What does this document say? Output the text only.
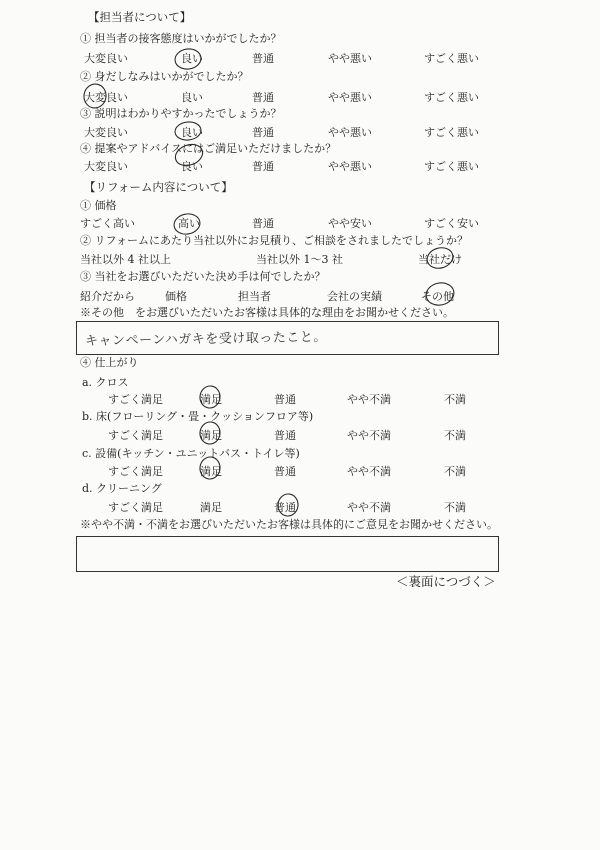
【担当者について】
① 担当者の接客態度はいかがでしたか？
大変良い	良い	普通	やや悪い	すごく悪い
② 身だしなみはいかがでしたか？
大変良い	良い	普通	やや悪い	すごく悪い
③ 説明はわかりやすかったでしょうか？
大変良い	良い	普通	やや悪い	すごく悪い
④ 提案やアドバイスにはご満足いただけましたか？
大変良い	良い	普通	やや悪い	すごく悪い
【リフォーム内容について】
① 価格
すごく高い	高い	普通	やや安い	すごく安い
② リフォームにあたり当社以外にお見積り、ご相談をされましたでしょうか？
当社以外 4 社以上	当社以外 1～3 社	当社だけ
③ 当社をお選びいただいた決め手は何でしたか？
紹介だから	価格	担当者	会社の実績	その他
※その他　をお選びいただいたお客様は具体的な理由をお聞かせください。
キャンペーンハガキを受け取ったこと。
④ 仕上がり
a. クロス
すごく満足	満足	普通	やや不満	不満
b. 床(フローリング・畳・クッションフロア等)
すごく満足	満足	普通	やや不満	不満
c. 設備(キッチン・ユニットバス・トイレ等)
すごく満足	満足	普通	やや不満	不満
d. クリーニング
すごく満足	満足	普通	やや不満	不満
※やや不満・不満をお選びいただいたお客様は具体的にご意見をお聞かせください。
＜裏面につづく＞
